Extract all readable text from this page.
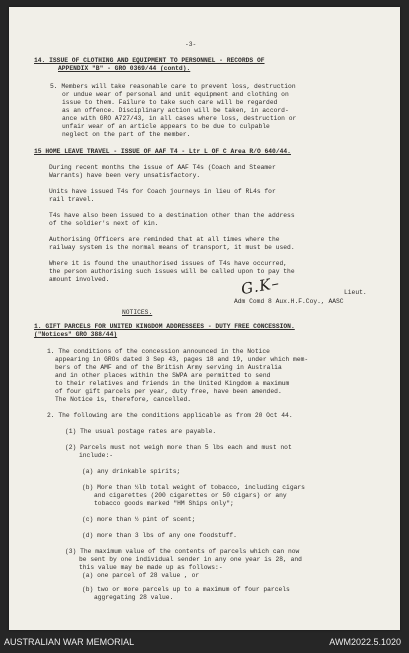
-3-
14. ISSUE OF CLOTHING AND EQUIPMENT TO PERSONNEL - RECORDS OF
APPENDIX "B" - GRO 0369/44 (contd).
5. Members will take reasonable care to prevent loss, destruction
or undue wear of personal and unit equipment and clothing on
issue to them. Failure to take such care will be regarded
as an offence. Disciplinary action will be taken, in accord-
ance with GRO A727/43, in all cases where loss, destruction or
unfair wear of an article appears to be due to culpable
neglect on the part of the member.
15 HOME LEAVE TRAVEL - ISSUE OF AAF T4 - Ltr L OF C Area R/O 640/44.
During recent months the issue of AAF T4s (Coach and Steamer
Warrants) have been very unsatisfactory.
Units have issued T4s for Coach journeys in lieu of RL4s for
rail travel.
T4s have also been issued to a destination other than the address
of the soldier's next of kin.
Authorising Officers are reminded that at all times where the
railway system is the normal means of transport, it must be used.
Where it is found the unauthorised issues of T4s have occurred,
the person authorising such issues will be called upon to pay the
amount involved.	G.K–	Lieut.
Adm Comd 8 Aux.H.F.Coy., AASC
NOTICES.
1. GIFT PARCELS FOR UNITED KINGDOM ADDRESSEES - DUTY FREE CONCESSION.
("Notices" GRO 388/44)
1. The conditions of the concession announced in the Notice
appearing in GROs dated 3 Sep 43, pages 18 and 19, under which mem-
bers of the AMF and of the British Army serving in Australia
and in other places within the SWPA are permitted to send
to their relatives and friends in the United Kingdom a maximum
of four gift parcels per year, duty free, have been amended.
The Notice is, therefore, cancelled.
2. The following are the conditions applicable as from 20 Oct 44.
(1) The usual postage rates are payable.
(2) Parcels must not weigh more than 5 lbs each and must not
include:-
(a) any drinkable spirits;
(b) More than ½lb total weight of tobacco, including cigars
and cigarettes (200 cigarettes or 50 cigars) or any
tobacco goods marked "HM Ships only";
(c) more than ½ pint of scent;
(d) more than 3 lbs of any one foodstuff.
(3) The maximum value of the contents of parcels which can now
be sent by one individual sender in any one year is 28, and
this value may be made up as follows:-
(a) one parcel of 28 value , or
(b) two or more parcels up to a maximum of four parcels
aggregating 28 value.
AUSTRALIAN WAR MEMORIAL	AWM2022.5.1020
